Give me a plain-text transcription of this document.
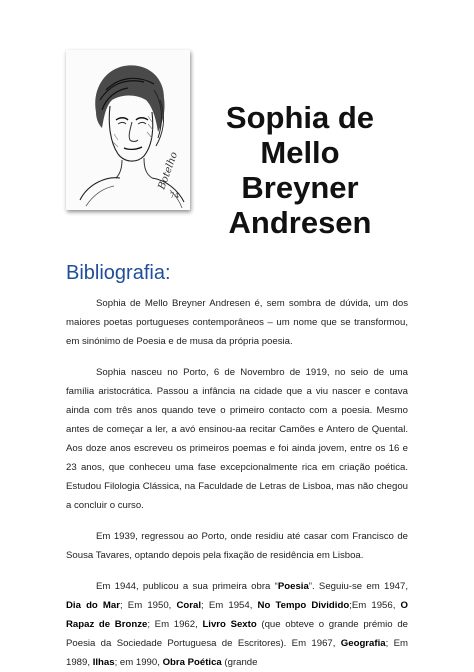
Botelho
74
Sophia de
Mello
Breyner
Andresen
Bibliografia:

Sophia de Mello Breyner Andresen é, sem sombra de dúvida, um dos maiores poetas portugueses contemporâneos – um nome que se transformou, em sinónimo de Poesia e de musa da própria poesia.

Sophia nasceu no Porto, 6 de Novembro de 1919, no seio de uma família aristocrática. Passou a infância na cidade que a viu nascer e contava ainda com três anos quando teve o primeiro contacto com a poesia. Mesmo antes de começar a ler, a avó ensinou-aa recitar Camões e Antero de Quental. Aos doze anos escreveu os primeiros poemas e foi ainda jovem, entre os 16 e 23 anos, que conheceu uma fase excepcionalmente rica em criação poética. Estudou Filologia Clássica, na Faculdade de Letras de Lisboa, mas não chegou a concluir o curso.

Em 1939, regressou ao Porto, onde residiu até casar com Francisco de Sousa Tavares, optando depois pela fixação de residência em Lisboa.

Em 1944, publicou a sua primeira obra “Poesia”. Seguiu-se em 1947, Dia do Mar; Em 1950, Coral; Em 1954, No Tempo Dividido;Em 1956, O Rapaz de Bronze; Em 1962, Livro Sexto (que obteve o grande prémio de Poesia da Sociedade Portuguesa de Escritores). Em 1967, Geografia; Em 1989, Ilhas; em 1990, Obra Poética (grande
